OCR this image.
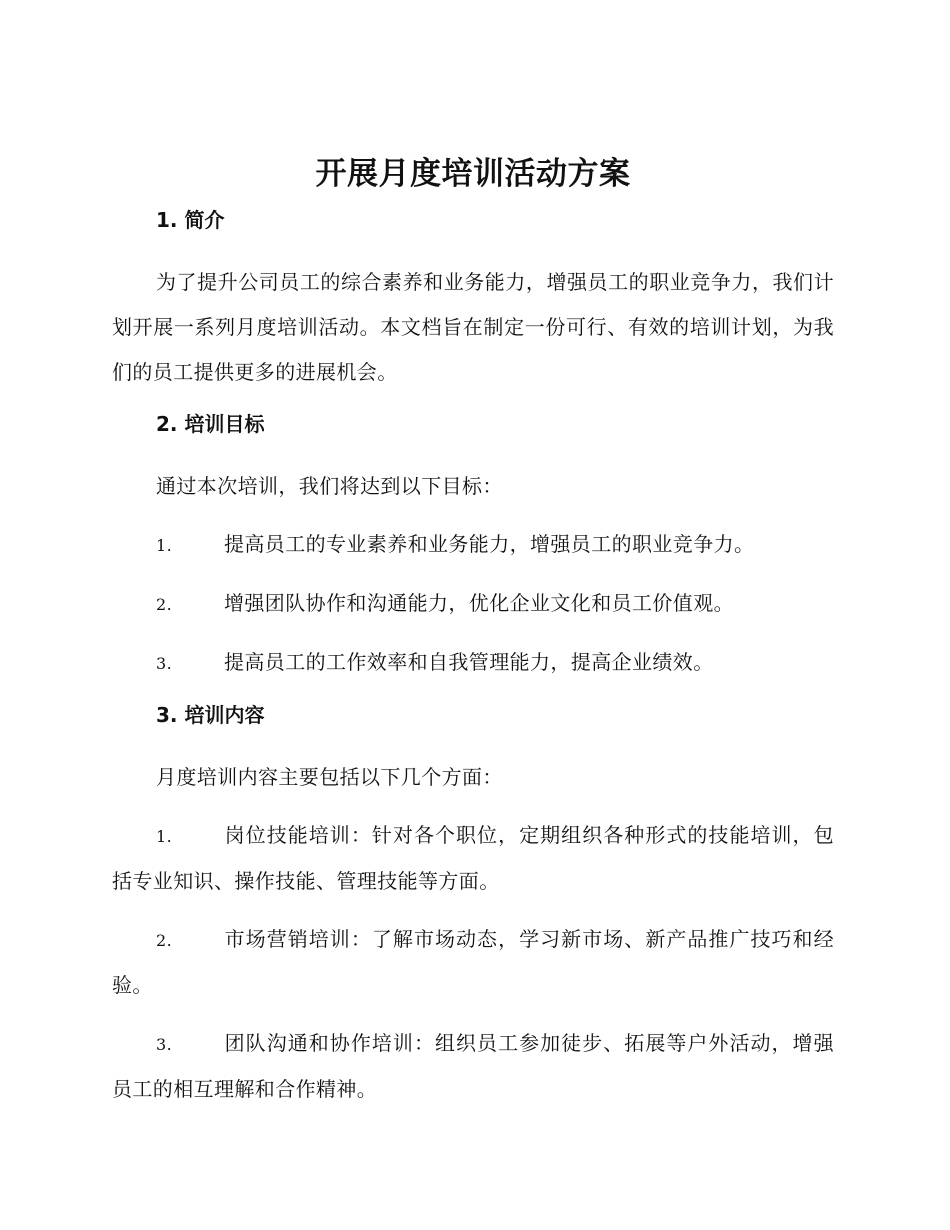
开展月度培训活动方案
1. 简介

为了提升公司员工的综合素养和业务能力，增强员工的职业竞争力，我们计划开展一系列月度培训活动。本文档旨在制定一份可行、有效的培训计划，为我们的员工提供更多的进展机会。

2. 培训目标

通过本次培训，我们将达到以下目标：

1.	提高员工的专业素养和业务能力，增强员工的职业竞争力。

2.	增强团队协作和沟通能力，优化企业文化和员工价值观。

3.	提高员工的工作效率和自我管理能力，提高企业绩效。

3. 培训内容

月度培训内容主要包括以下几个方面：

1.	岗位技能培训：针对各个职位，定期组织各种形式的技能培训，包括专业知识、操作技能、管理技能等方面。

2.	市场营销培训：了解市场动态，学习新市场、新产品推广技巧和经验。

3.	团队沟通和协作培训：组织员工参加徒步、拓展等户外活动，增强员工的相互理解和合作精神。
